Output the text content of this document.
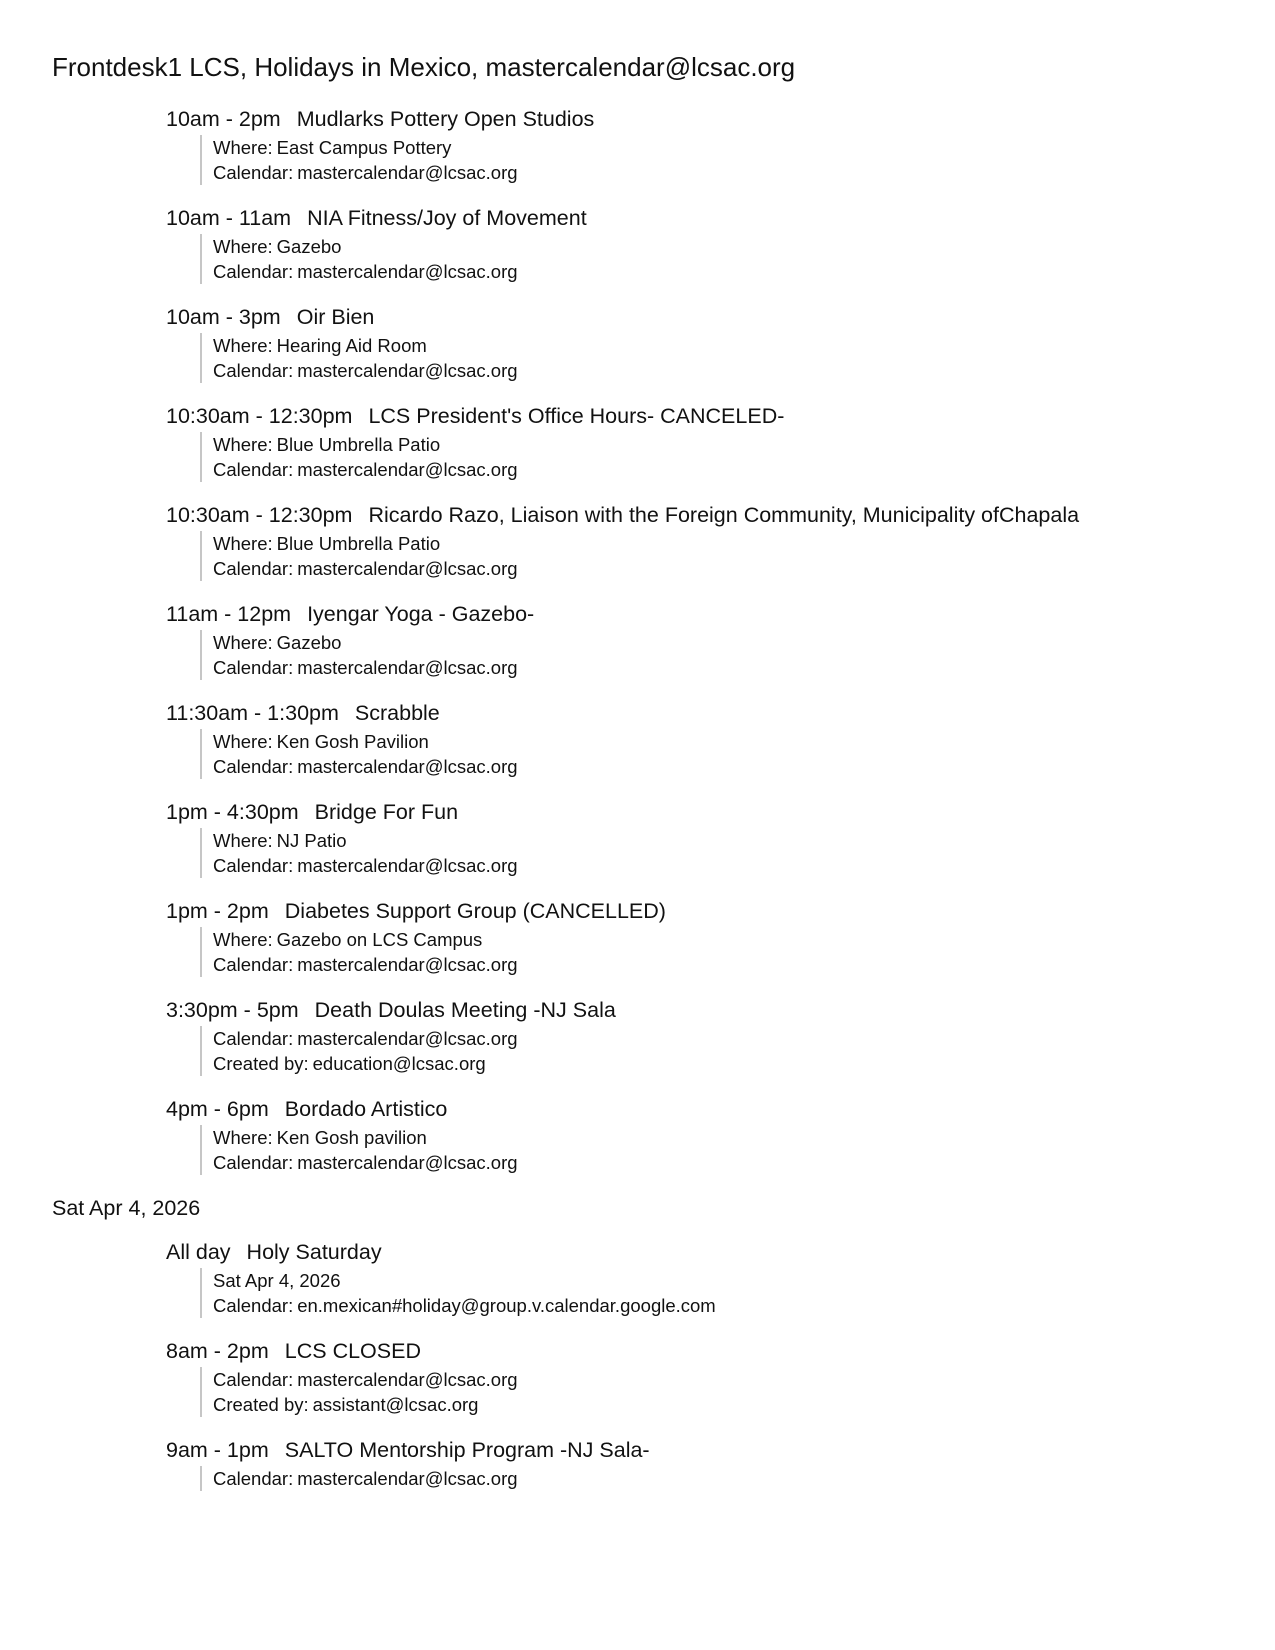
Frontdesk1 LCS, Holidays in Mexico, mastercalendar@lcsac.org
10am - 2pm Mudlarks Pottery Open Studios
Where: East Campus Pottery
Calendar: mastercalendar@lcsac.org
10am - 11am NIA Fitness/Joy of Movement
Where: Gazebo
Calendar: mastercalendar@lcsac.org
10am - 3pm Oir Bien
Where: Hearing Aid Room
Calendar: mastercalendar@lcsac.org
10:30am - 12:30pm LCS President's Office Hours- CANCELED-
Where: Blue Umbrella Patio
Calendar: mastercalendar@lcsac.org
10:30am - 12:30pm Ricardo Razo, Liaison with the Foreign Community, Municipality ofChapala
Where: Blue Umbrella Patio
Calendar: mastercalendar@lcsac.org
11am - 12pm Iyengar Yoga - Gazebo-
Where: Gazebo
Calendar: mastercalendar@lcsac.org
11:30am - 1:30pm Scrabble
Where: Ken Gosh Pavilion
Calendar: mastercalendar@lcsac.org
1pm - 4:30pm Bridge For Fun
Where: NJ Patio
Calendar: mastercalendar@lcsac.org
1pm - 2pm Diabetes Support Group (CANCELLED)
Where: Gazebo on LCS Campus
Calendar: mastercalendar@lcsac.org
3:30pm - 5pm Death Doulas Meeting -NJ Sala
Calendar: mastercalendar@lcsac.org
Created by: education@lcsac.org
4pm - 6pm Bordado Artistico
Where: Ken Gosh pavilion
Calendar: mastercalendar@lcsac.org
Sat Apr 4, 2026
All day Holy Saturday
Sat Apr 4, 2026
Calendar: en.mexican#holiday@group.v.calendar.google.com
8am - 2pm LCS CLOSED
Calendar: mastercalendar@lcsac.org
Created by: assistant@lcsac.org
9am - 1pm SALTO Mentorship Program -NJ Sala-
Calendar: mastercalendar@lcsac.org
